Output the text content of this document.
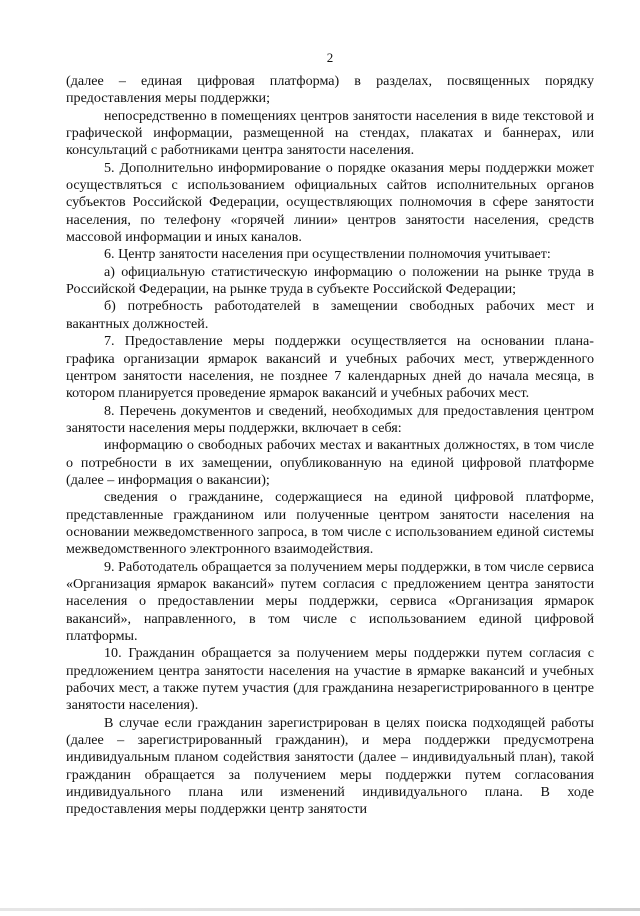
2

(далее – единая цифровая платформа) в разделах, посвященных порядку предоставления меры поддержки;

непосредственно в помещениях центров занятости населения в виде текстовой и графической информации, размещенной на стендах, плакатах и баннерах, или консультаций с работниками центра занятости населения.

5. Дополнительно информирование о порядке оказания меры поддержки может осуществляться с использованием официальных сайтов исполнительных органов субъектов Российской Федерации, осуществляющих полномочия в сфере занятости населения, по телефону «горячей линии» центров занятости населения, средств массовой информации и иных каналов.

6. Центр занятости населения при осуществлении полномочия учитывает:

а) официальную статистическую информацию о положении на рынке труда в Российской Федерации, на рынке труда в субъекте Российской Федерации;

б) потребность работодателей в замещении свободных рабочих мест и вакантных должностей.

7. Предоставление меры поддержки осуществляется на основании плана-графика организации ярмарок вакансий и учебных рабочих мест, утвержденного центром занятости населения, не позднее 7 календарных дней до начала месяца, в котором планируется проведение ярмарок вакансий и учебных рабочих мест.

8. Перечень документов и сведений, необходимых для предоставления центром занятости населения меры поддержки, включает в себя:

информацию о свободных рабочих местах и вакантных должностях, в том числе о потребности в их замещении, опубликованную на единой цифровой платформе (далее – информация о вакансии);

сведения о гражданине, содержащиеся на единой цифровой платформе, представленные гражданином или полученные центром занятости населения на основании межведомственного запроса, в том числе с использованием единой системы межведомственного электронного взаимодействия.

9. Работодатель обращается за получением меры поддержки, в том числе сервиса «Организация ярмарок вакансий» путем согласия с предложением центра занятости населения о предоставлении меры поддержки, сервиса «Организация ярмарок вакансий», направленного, в том числе с использованием единой цифровой платформы.

10. Гражданин обращается за получением меры поддержки путем согласия с предложением центра занятости населения на участие в ярмарке вакансий и учебных рабочих мест, а также путем участия (для гражданина незарегистрированного в центре занятости населения).

В случае если гражданин зарегистрирован в целях поиска подходящей работы (далее – зарегистрированный гражданин), и мера поддержки предусмотрена индивидуальным планом содействия занятости (далее – индивидуальный план), такой гражданин обращается за получением меры поддержки путем согласования индивидуального плана или изменений индивидуального плана. В ходе предоставления меры поддержки центр занятости
